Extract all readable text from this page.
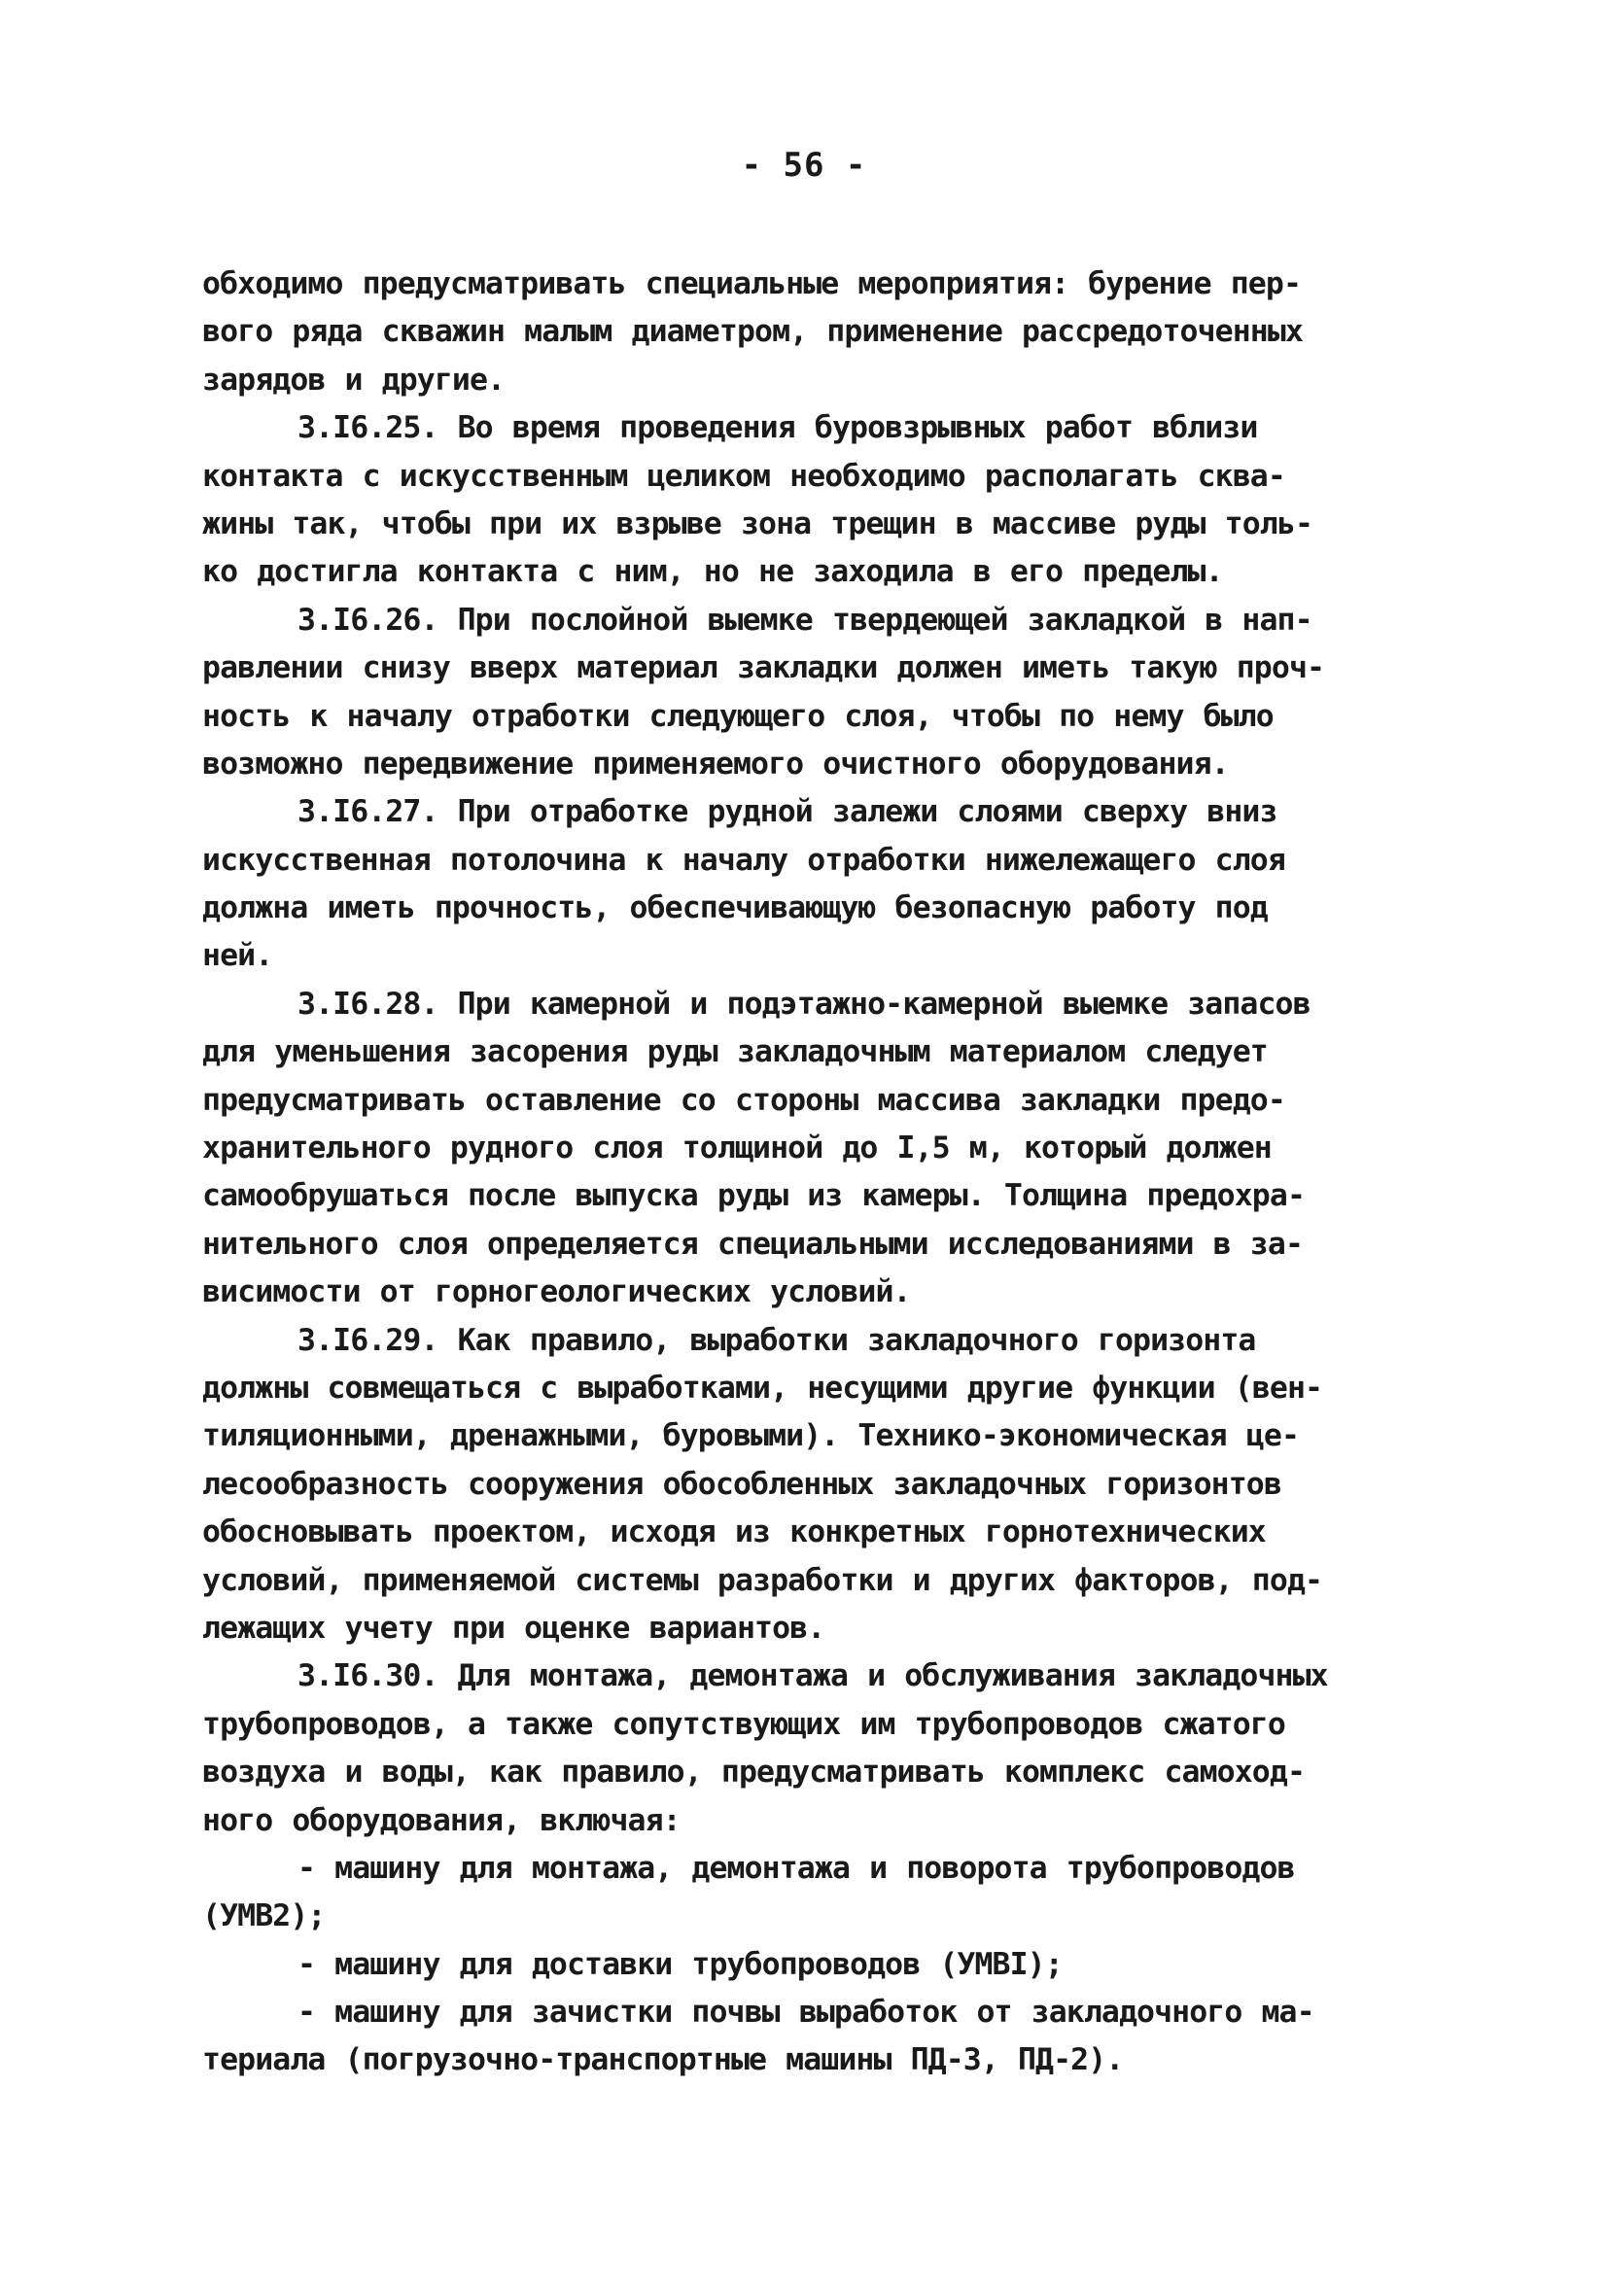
- 56 -
обходимо предусматривать специальные мероприятия: бурение пер-
вого ряда скважин малым диаметром, применение рассредоточенных
зарядов и другие.
3.I6.25. Во время проведения буровзрывных работ вблизи
контакта с искусственным целиком необходимо располагать сква-
жины так, чтобы при их взрыве зона трещин в массиве руды толь-
ко достигла контакта с ним, но не заходила в его пределы.
3.I6.26. При послойной выемке твердеющей закладкой в нап-
равлении снизу вверх материал закладки должен иметь такую проч-
ность к началу отработки следующего слоя, чтобы по нему было
возможно передвижение применяемого очистного оборудования.
3.I6.27. При отработке рудной залежи слоями сверху вниз
искусственная потолочина к началу отработки нижележащего слоя
должна иметь прочность, обеспечивающую безопасную работу под
ней.
3.I6.28. При камерной и подэтажно-камерной выемке запасов
для уменьшения засорения руды закладочным материалом следует
предусматривать оставление со стороны массива закладки предо-
хранительного рудного слоя толщиной до I,5 м, который должен
самообрушаться после выпуска руды из камеры. Толщина предохра-
нительного слоя определяется специальными исследованиями в за-
висимости от горногеологических условий.
3.I6.29. Как правило, выработки закладочного горизонта
должны совмещаться с выработками, несущими другие функции (вен-
тиляционными, дренажными, буровыми). Технико-экономическая це-
лесообразность сооружения обособленных закладочных горизонтов
обосновывать проектом, исходя из конкретных горнотехнических
условий, применяемой системы разработки и других факторов, под-
лежащих учету при оценке вариантов.
3.I6.30. Для монтажа, демонтажа и обслуживания закладочных
трубопроводов, а также сопутствующих им трубопроводов сжатого
воздуха и воды, как правило, предусматривать комплекс самоход-
ного оборудования, включая:
- машину для монтажа, демонтажа и поворота трубопроводов
(УМВ2);
- машину для доставки трубопроводов (УМВI);
- машину для зачистки почвы выработок от закладочного ма-
териала (погрузочно-транспортные машины ПД-3, ПД-2).
